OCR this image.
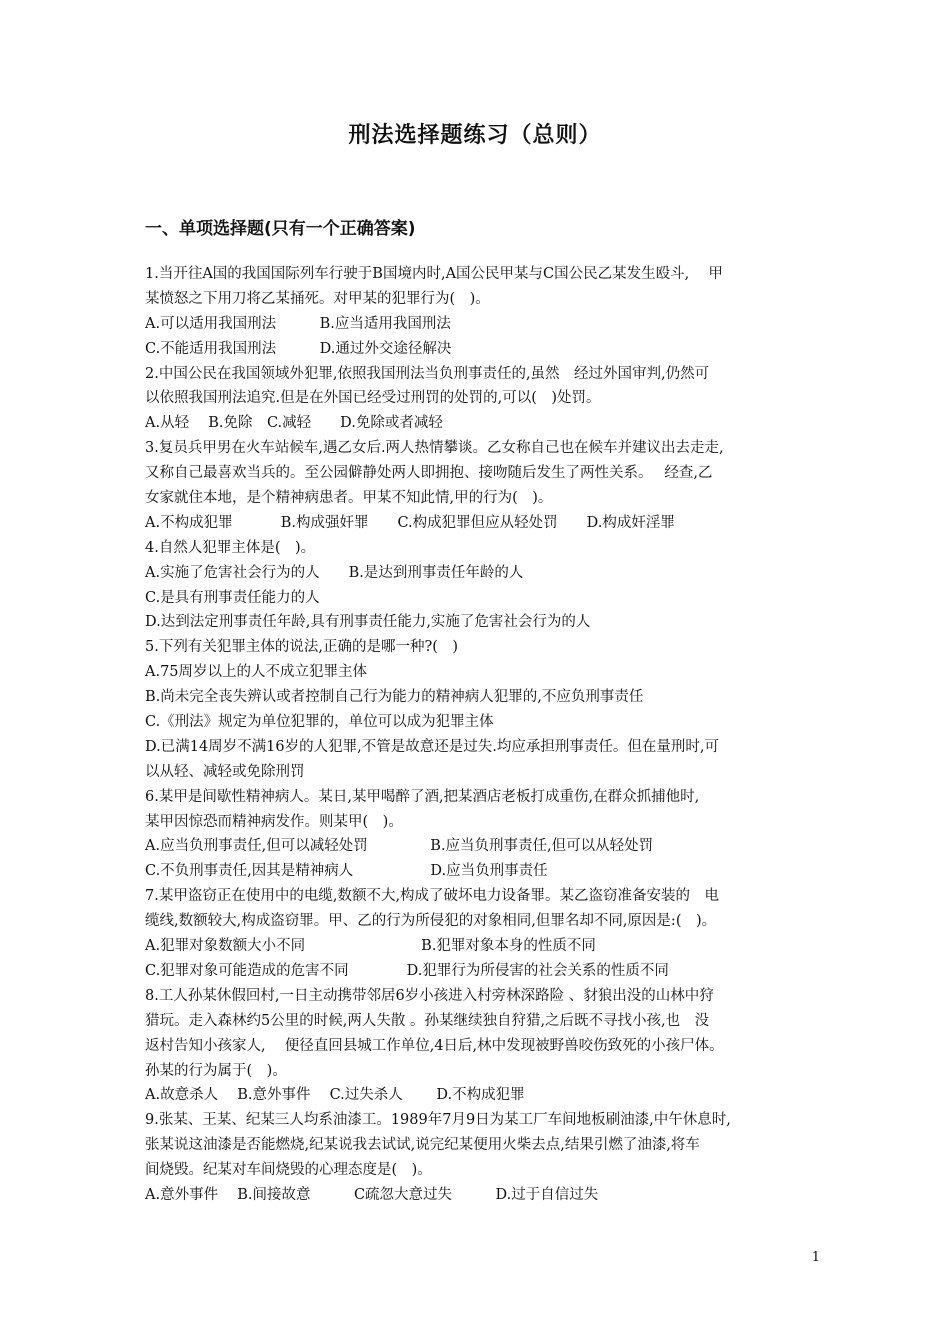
刑法选择题练习（总则）
一、单项选择题(只有一个正确答案)
1.当开往A国的我国国际列车行驶于B国境内时,A国公民甲某与C国公民乙某发生殴斗,　 甲
某愤怒之下用刀将乙某捅死。对甲某的犯罪行为(　)。
A.可以适用我国刑法　　　B.应当适用我国刑法
C.不能适用我国刑法　　　D.通过外交途径解决
2.中国公民在我国领域外犯罪,依照我国刑法当负刑事责任的,虽然　经过外国审判,仍然可
以依照我国刑法追究.但是在外国已经受过刑罚的处罚的,可以(　)处罚。
A.从轻　 B.免除　C.减轻　　D.免除或者减轻
3.复员兵甲男在火车站候车,遇乙女后.两人热情攀谈。乙女称自己也在候车并建议出去走走,
又称自己最喜欢当兵的。至公园僻静处两人即拥抱、接吻随后发生了两性关系。　 经查,乙
女家就住本地，是个精神病患者。甲某不知此情,甲的行为(　)。
A.不构成犯罪　　　 B.构成强奸罪　　C.构成犯罪但应从轻处罚　　D.构成奸淫罪
4.自然人犯罪主体是(　)。
A.实施了危害社会行为的人　　B.是达到刑事责任年龄的人
C.是具有刑事责任能力的人
D.达到法定刑事责任年龄,具有刑事责任能力,实施了危害社会行为的人
5.下列有关犯罪主体的说法,正确的是哪一种?(　)
A.75周岁以上的人不成立犯罪主体
B.尚未完全丧失辨认或者控制自己行为能力的精神病人犯罪的,不应负刑事责任
C.《刑法》规定为单位犯罪的，单位可以成为犯罪主体
D.已满14周岁不满16岁的人犯罪,不管是故意还是过失.均应承担刑事责任。但在量刑时,可
以从轻、减轻或免除刑罚
6.某甲是间歇性精神病人。某日,某甲喝醉了酒,把某酒店老板打成重伤,在群众抓捕他时,
某甲因惊恐而精神病发作。则某甲(　)。
A.应当负刑事责任,但可以减轻处罚　　　　 B.应当负刑事责任,但可以从轻处罚
C.不负刑事责任,因其是精神病人　　　　　 D.应当负刑事责任
7.某甲盗窃正在使用中的电缆,数额不大,构成了破坏电力设备罪。某乙盗窃准备安装的　电
缆线,数额较大,构成盗窃罪。甲、乙的行为所侵犯的对象相同,但罪名却不同,原因是:(　)。
A.犯罪对象数额大小不同　　　　　　　　B.犯罪对象本身的性质不同
C.犯罪对象可能造成的危害不同　　　　D.犯罪行为所侵害的社会关系的性质不同
8.工人孙某休假回村,一日主动携带邻居6岁小孩进入村旁林深路险 、豺狼出没的山林中狩
猎玩。走入森林约5公里的时候,两人失散 。孙某继续独自狩猎,之后既不寻找小孩,也　没
返村告知小孩家人,　 便径直回县城工作单位,4日后,林中发现被野兽咬伤致死的小孩尸体。
孙某的行为属于(　)。
A.故意杀人　 B.意外事件　 C.过失杀人　　 D.不构成犯罪
9.张某、王某、纪某三人均系油漆工。1989年7月9日为某工厂车间地板刷油漆,中午休息时,
张某说这油漆是否能燃烧,纪某说我去试试,说完纪某便用火柴去点,结果引燃了油漆,将车
间烧毁。纪某对车间烧毁的心理态度是(　)。
A.意外事件　 B.间接故意　　　C疏忽大意过失　　　D.过于自信过失
1
